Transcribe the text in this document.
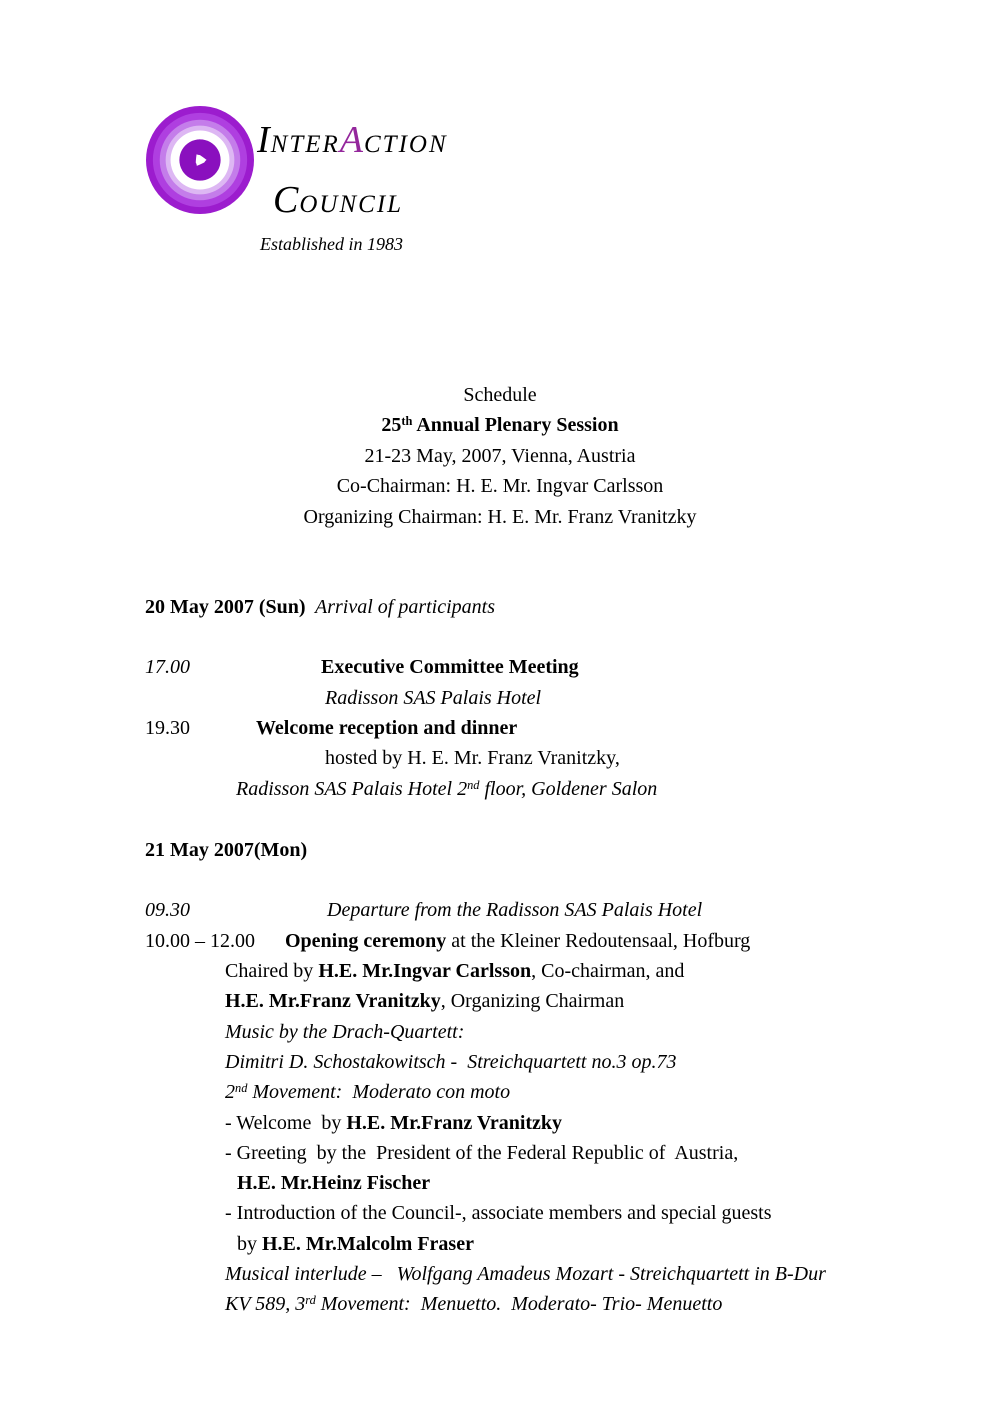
INTERACTION
COUNCIL
Established in 1983
Schedule
25th Annual Plenary Session
21-23 May, 2007, Vienna, Austria
Co-Chairman: H. E. Mr. Ingvar Carlsson
Organizing Chairman: H. E. Mr. Franz Vranitzky
20 May 2007 (Sun) Arrival of participants
17.00	Executive Committee Meeting
Radisson SAS Palais Hotel
19.30	Welcome reception and dinner
hosted by H. E. Mr. Franz Vranitzky,
Radisson SAS Palais Hotel 2nd floor, Goldener Salon
21 May 2007(Mon)
09.30	Departure from the Radisson SAS Palais Hotel
10.00 – 12.00 Opening ceremony at the Kleiner Redoutensaal, Hofburg
Chaired by H.E. Mr.Ingvar Carlsson, Co-chairman, and
H.E. Mr.Franz Vranitzky, Organizing Chairman
Music by the Drach-Quartett:
Dimitri D. Schostakowitsch -  Streichquartett no.3 op.73
2nd Movement:  Moderato con moto
- Welcome  by H.E. Mr.Franz Vranitzky
- Greeting  by the  President of the Federal Republic of  Austria,
H.E. Mr.Heinz Fischer
- Introduction of the Council-, associate members and special guests
by H.E. Mr.Malcolm Fraser
Musical interlude –   Wolfgang Amadeus Mozart - Streichquartett in B-Dur
KV 589, 3rd Movement:  Menuetto.  Moderato- Trio- Menuetto
